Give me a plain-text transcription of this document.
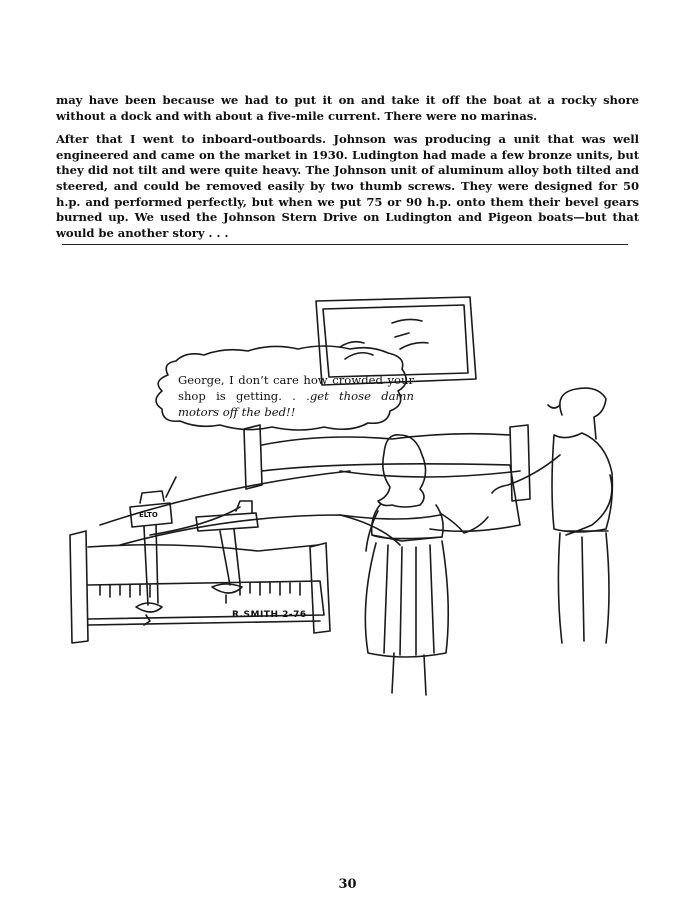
may have been because we had to put it on and take it off the boat at a rocky shore without a dock and with about a five-mile current. There were no marinas.

After that I went to inboard-outboards. Johnson was producing a unit that was well engineered and came on the market in 1930. Ludington had made a few bronze units, but they did not tilt and were quite heavy. The Johnson unit of aluminum alloy both tilted and steered, and could be removed easily by two thumb screws. They were designed for 50 h.p. and performed perfectly, but when we put 75 or 90 h.p. onto them their bevel gears burned up. We used the Johnson Stern Drive on Ludington and Pigeon boats—but that would be another story . . .

George, I don’t care how crowded your shop is getting. . .get those damn motors off the bed!!
ELTO
R.SMITH 2-76
30
